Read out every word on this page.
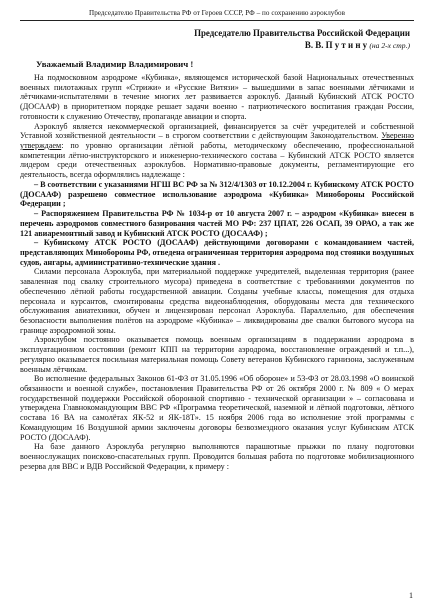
Председателю Правительства РФ от Героев СССР, РФ – по сохранению аэроклубов
Председателю Правительства Российской Федерации
В. В. П у т и н у (на 2-х стр.)
Уважаемый Владимир Владимирович !

На подмосковном аэродроме «Кубинка», являющемся исторической базой Национальных отечественных военных пилотажных групп «Стрижи» и «Русские Витязи» – вышедшими в запас военными лётчиками и лётчиками-испытателями в течение многих лет развивается аэроклуб. Данный Кубинский АТСК РОСТО (ДОСААФ) в приоритетном порядке решает задачи военно - патриотического воспитания граждан России, готовности к служению Отечеству, пропаганде авиации и спорта.

Аэроклуб является некоммерческой организацией, финансируется за счёт учредителей и собственной Уставной хозяйственной деятельности – в строгом соответствии с действующим Законодательством. Уверенно утверждаем: по уровню организации лётной работы, методическому обеспечению, профессиональной компетенции лётно-инструкторского и инженерно-технического состава – Кубинский АТСК РОСТО является лидером среди отечественных аэроклубов. Нормативно-правовые документы, регламентирующие его деятельность, всегда оформлялись надлежаще :

– В соответствии с указаниями НГШ ВС РФ за № 312/4/1303 от 10.12.2004 г. Кубинскому АТСК РОСТО (ДОСААФ) разрешено совместное использование аэродрома «Кубинка» Минобороны Российской Федерации ;

– Распоряжением Правительства РФ № 1034-р от 10 августа 2007 г. – аэродром «Кубинка» внесен в перечень аэродромов совместного базирования частей МО РФ: 237 ЦПАТ, 226 ОСАП, 39 ОРАО, а так же 121 авиаремонтный завод и Кубинский АТСК РОСТО (ДОСААФ) ;

– Кубинскому АТСК РОСТО (ДОСААФ) действующими договорами с командованием частей, представляющих Минобороны РФ, отведена ограниченная территория аэродрома под стоянки воздушных судов, ангары, административно-технические здания .

Силами персонала Аэроклуба, при материальной поддержке учредителей, выделенная территория (ранее заваленная под свалку строительного мусора) приведена в соответствие с требованиями документов по обеспечению лётной работы государственной авиации. Созданы учебные классы, помещения для отдыха персонала и курсантов, смонтированы средства видеонаблюдения, оборудованы места для технического обслуживания авиатехники, обучен и лицензирован персонал Аэроклуба. Параллельно, для обеспечения безопасности выполнения полётов на аэродроме «Кубинка» – ликвидированы две свалки бытового мусора на границе аэродромной зоны.

Аэроклубом постоянно оказывается помощь военным организациям в поддержании аэродрома в эксплуатационном состоянии (ремонт КПП на территории аэродрома, восстановление ограждений и т.п...), регулярно оказывается посильная материальная помощь Совету ветеранов Кубинского гарнизона, заслуженным военным лётчикам.

Во исполнение федеральных Законов 61-ФЗ от 31.05.1996 «Об обороне» и 53-ФЗ от 28.03.1998 «О воинской обязанности и военной службе», постановления Правительства РФ от 26 октября 2000 г. № 809 « О мерах государственной поддержки Российской оборонной спортивно - технической организации » – согласована и утверждена Главнокомандующим ВВС РФ «Программа теоретической, наземной и лётной подготовки, лётного состава 16 ВА на самолётах ЯК-52 и ЯК-18Т». 15 ноября 2006 года во исполнение этой программы с Командующим 16 Воздушной армии заключены договоры безвозмездного оказания услуг Кубинским АТСК РОСТО (ДОСААФ).

На базе данного Аэроклуба регулярно выполняются парашютные прыжки по плану подготовки военнослужащих поисково-спасательных групп. Проводится большая работа по подготовке мобилизационного резерва для ВВС и ВДВ Российской Федерации, к примеру :

1
